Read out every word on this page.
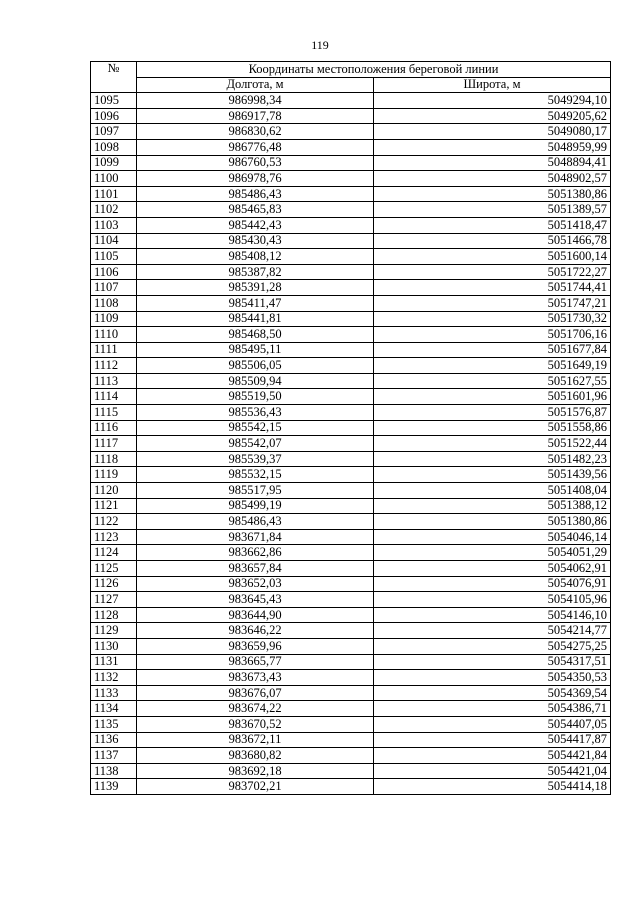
119
№	Координаты местоположения береговой линии	
	Долгота, м	Широта, м
1095	986998,34	5049294,10
1096	986917,78	5049205,62
1097	986830,62	5049080,17
1098	986776,48	5048959,99
1099	986760,53	5048894,41
1100	986978,76	5048902,57
1101	985486,43	5051380,86
1102	985465,83	5051389,57
1103	985442,43	5051418,47
1104	985430,43	5051466,78
1105	985408,12	5051600,14
1106	985387,82	5051722,27
1107	985391,28	5051744,41
1108	985411,47	5051747,21
1109	985441,81	5051730,32
1110	985468,50	5051706,16
1111	985495,11	5051677,84
1112	985506,05	5051649,19
1113	985509,94	5051627,55
1114	985519,50	5051601,96
1115	985536,43	5051576,87
1116	985542,15	5051558,86
1117	985542,07	5051522,44
1118	985539,37	5051482,23
1119	985532,15	5051439,56
1120	985517,95	5051408,04
1121	985499,19	5051388,12
1122	985486,43	5051380,86
1123	983671,84	5054046,14
1124	983662,86	5054051,29
1125	983657,84	5054062,91
1126	983652,03	5054076,91
1127	983645,43	5054105,96
1128	983644,90	5054146,10
1129	983646,22	5054214,77
1130	983659,96	5054275,25
1131	983665,77	5054317,51
1132	983673,43	5054350,53
1133	983676,07	5054369,54
1134	983674,22	5054386,71
1135	983670,52	5054407,05
1136	983672,11	5054417,87
1137	983680,82	5054421,84
1138	983692,18	5054421,04
1139	983702,21	5054414,18
